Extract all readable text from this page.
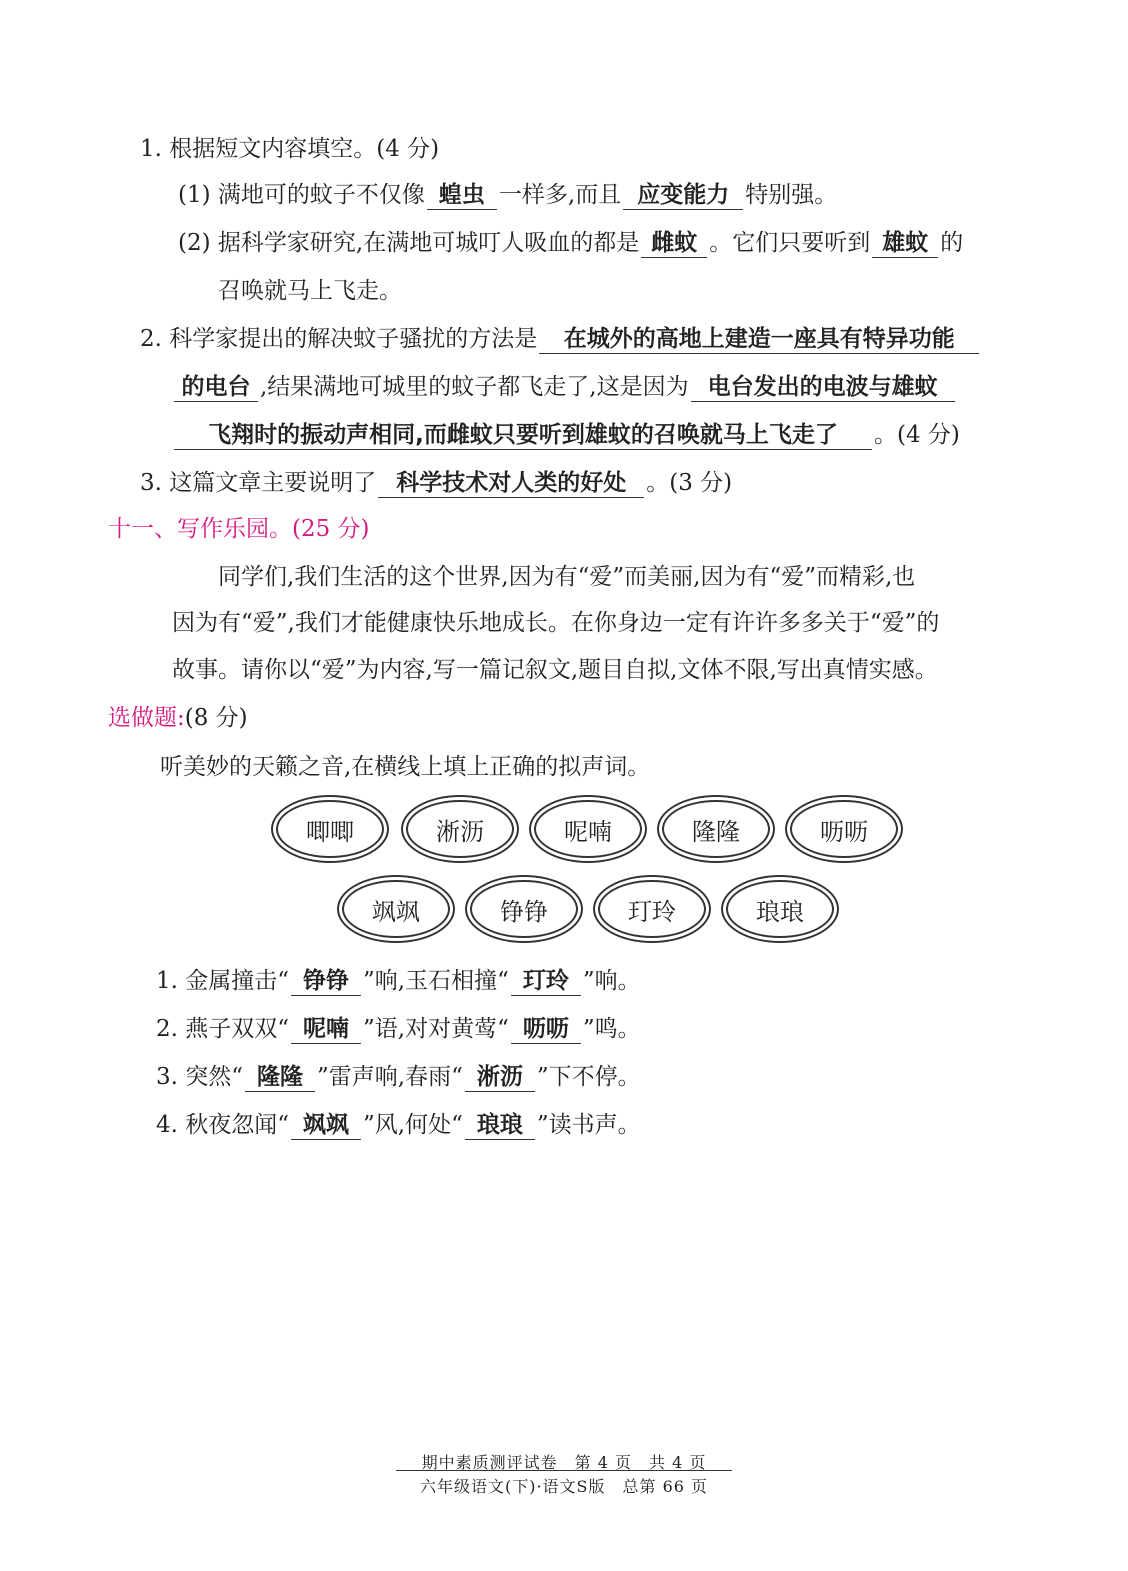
1. 根据短文内容填空。(4 分)
(1) 满地可的蚊子不仅像 蝗虫 一样多,而且 应变能力 特别强。
(2) 据科学家研究,在满地可城叮人吸血的都是 雌蚊 。它们只要听到 雄蚊 的
召唤就马上飞走。
2. 科学家提出的解决蚊子骚扰的方法是 在城外的高地上建造一座具有特异功能
的电台 ,结果满地可城里的蚊子都飞走了,这是因为 电台发出的电波与雄蚊
飞翔时的振动声相同,而雌蚊只要听到雄蚊的召唤就马上飞走了 。(4 分)
3. 这篇文章主要说明了 科学技术对人类的好处 。(3 分)
十一、写作乐园。(25 分)
同学们,我们生活的这个世界,因为有“爱”而美丽,因为有“爱”而精彩,也
因为有“爱”,我们才能健康快乐地成长。在你身边一定有许许多多关于“爱”的
故事。请你以“爱”为内容,写一篇记叙文,题目自拟,文体不限,写出真情实感。
选做题:(8 分)
听美妙的天籁之音,在横线上填上正确的拟声词。
唧唧	淅沥	呢喃	隆隆	呖呖
飒飒	铮铮	玎玲	琅琅
1. 金属撞击“ 铮铮 ”响,玉石相撞“ 玎玲 ”响。
2. 燕子双双“ 呢喃 ”语,对对黄莺“ 呖呖 ”鸣。
3. 突然“ 隆隆 ”雷声响,春雨“ 淅沥 ”下不停。
4. 秋夜忽闻“ 飒飒 ”风,何处“ 琅琅 ”读书声。
期中素质测评试卷　第 4 页　共 4 页
六年级语文(下)·语文S版　总第 66 页
